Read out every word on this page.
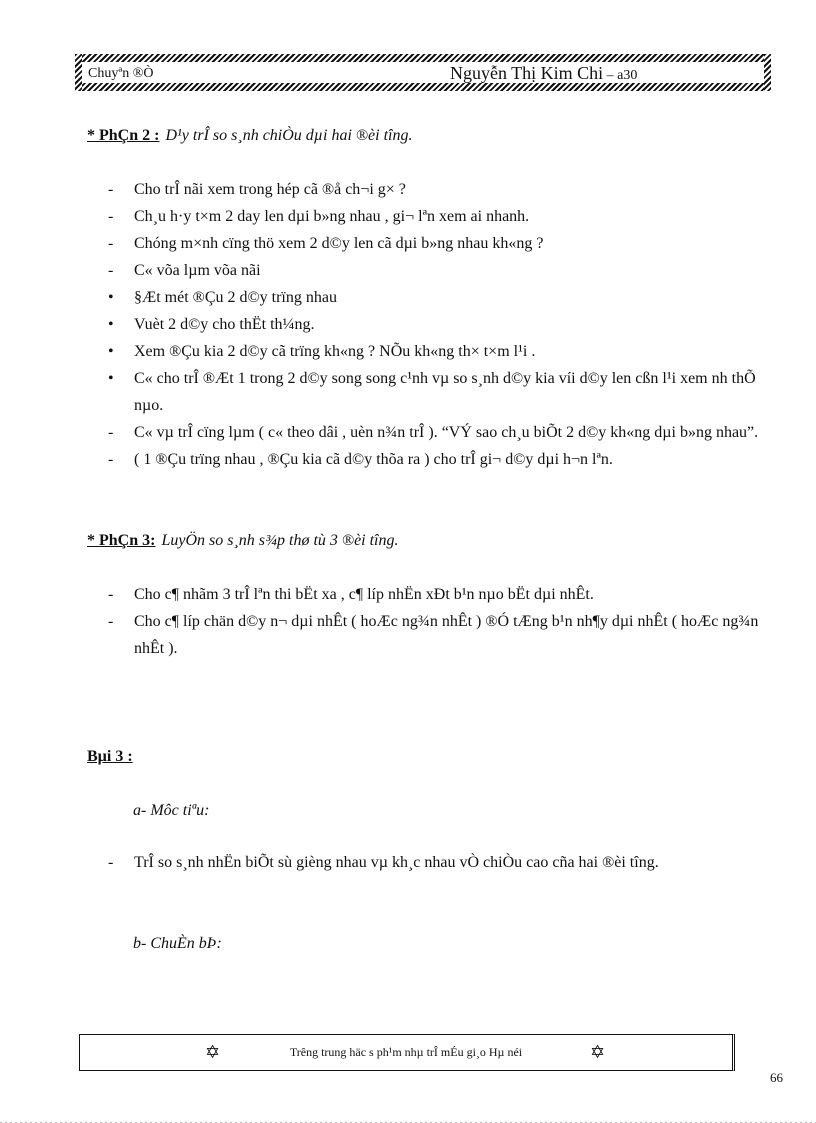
Chuyªn ®Ò	Nguyễn Thị Kim Chi – a30
* PhÇn 2 : D¹y trÎ so s¸nh chiÒu dµi hai ®èi tîng.
-
Cho trÎ nãi xem trong hép cã ®å ch¬i g× ?
-
Ch¸u h·y t×m 2 day len dµi b»ng nhau , gi¬ lªn xem ai nhanh.
-
Chóng m×nh cïng thö xem 2 d©y len cã dµi b»ng nhau kh«ng ?
-
C« võa lµm võa nãi
•
§Æt mét ®Çu 2 d©y trïng nhau
•
Vuèt 2 d©y cho thËt th¼ng.
•
Xem ®Çu kia 2 d©y cã trïng kh«ng ? NÕu kh«ng th× t×m l¹i .
•
C« cho trÎ ®Æt 1 trong 2 d©y song song c¹nh vµ so s¸nh d©y kia víi d©y len cßn l¹i xem nh thÕ nµo.
-
C« vµ trÎ cïng lµm ( c« theo dâi , uèn n¾n trÎ ). “VÝ sao ch¸u biÕt 2 d©y kh«ng dµi b»ng nhau”.
-
( 1 ®Çu trïng nhau , ®Çu kia cã d©y thõa ra ) cho trÎ gi¬ d©y dµi h¬n lªn.
* PhÇn 3: LuyÖn so s¸nh s¾p thø tù 3 ®èi tîng.
-
Cho c¶ nhãm 3 trÎ lªn thi bËt xa , c¶ líp nhËn xÐt b¹n nµo bËt dµi nhÊt.
-
Cho c¶ líp chän d©y n¬ dµi nhÊt ( hoÆc ng¾n nhÊt ) ®Ó tÆng b¹n nh¶y dµi nhÊt ( hoÆc ng¾n nhÊt ).
Bµi 3 :
a- Môc tiªu:
-
TrÎ so s¸nh nhËn biÕt sù gièng nhau vµ kh¸c nhau vÒ chiÒu cao cña hai ®èi tîng.
b- ChuÈn bÞ:
✡	Trêng trung häc s ph¹m nhµ trÎ mÉu gi¸o Hµ néi	✡
66
